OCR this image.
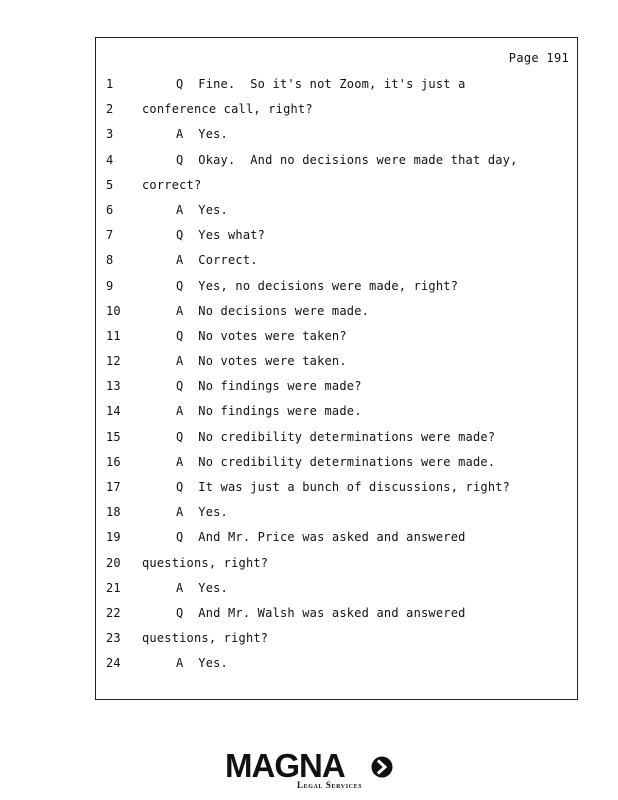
Page 191
1	Q  Fine.  So it's not Zoom, it's just a
2	conference call, right?
3	A  Yes.
4	Q  Okay.  And no decisions were made that day,
5	correct?
6	A  Yes.
7	Q  Yes what?
8	A  Correct.
9	Q  Yes, no decisions were made, right?
10	A  No decisions were made.
11	Q  No votes were taken?
12	A  No votes were taken.
13	Q  No findings were made?
14	A  No findings were made.
15	Q  No credibility determinations were made?
16	A  No credibility determinations were made.
17	Q  It was just a bunch of discussions, right?
18	A  Yes.
19	Q  And Mr. Price was asked and answered
20	questions, right?
21	A  Yes.
22	Q  And Mr. Walsh was asked and answered
23	questions, right?
24	A  Yes.
MAGNA
Legal Services
